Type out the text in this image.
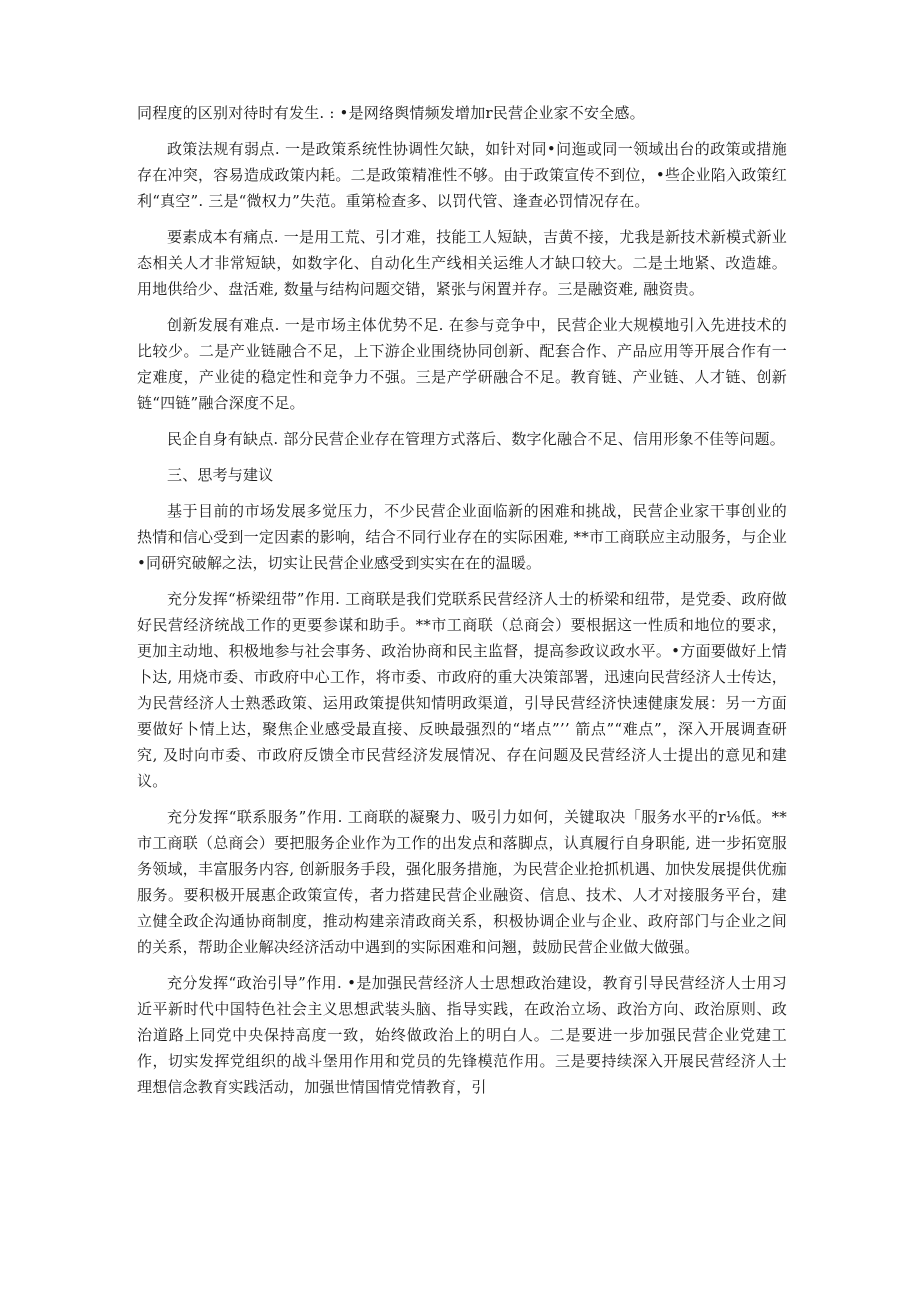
同程度的区别对待时有发生. : •是网络舆情频发增加r民营企业家不安全感。

政策法规有弱点. 一是政策系统性协调性欠缺，如针对同•问迤或同一领域出台的政策或措施存在冲突，容易造成政策内耗。二是政策精准性不够。由于政策宣传不到位，•些企业陷入政策红利“真空”. 三是“微权力”失范。重第检查多、以罚代管、逢查必罚情况存在。

要素成本有痛点. 一是用工荒、引才难，技能工人短缺，吉黄不接，尤我是新技术新模式新业态相关人才非常短缺，如数字化、自动化生产线相关运维人才缺口较大。二是土地紧、改造雄。用地供给少、盘活难, 数量与结构问题交错，紧张与闲置并存。三是融资难, 融资贵。

创新发展有难点. 一是市场主体优势不足. 在参与竞争中，民营企业大规模地引入先进技术的比较少。二是产业链融合不足，上下游企业围绕协同创新、配套合作、产品应用等开展合作有一定难度，产业徒的稳定性和竞争力不强。三是产学研融合不足。教育链、产业链、人才链、创新链“四链”融合深度不足。

民企自身有缺点. 部分民营企业存在管理方式落后、数字化融合不足、信用形象不佳等问题。

三、思考与建议

基于目前的市场发展多觉压力，不少民营企业面临新的困难和挑战，民营企业家干事创业的热情和信心受到一定因素的影响，结合不同行业存在的实际困难, **市工商联应主动服务，与企业•同研究破解之法，切实让民营企业感受到实实在在的温暖。

充分发挥“桥梁纽带”作用. 工商联是我们党联系民营经济人士的桥梁和纽带，是党委、政府做好民营经济统战工作的更要参谋和助手。**市工商联（总商会）要根据这一性质和地位的要求，更加主动地、积极地参与社会事务、政治协商和民主监督，提高参政议政水平。•方面要做好上情卜达, 用烧市委、市政府中心工作，将市委、市政府的重大决策部署，迅速向民营经济人士传达，为民营经济人士熟悉政策、运用政策提供知情明政渠道，引导民营经济快速健康发展：另一方面要做好卜情上达，聚焦企业感受最直接、反映最强烈的“堵点”’’ 箭点”“难点”，深入开展调查研究, 及时向市委、市政府反馈全市民营经济发展情况、存在问题及民营经济人士提出的意见和建议。

充分发挥“联系服务”作用. 工商联的凝聚力、吸引力如何，关键取决「服务水平的r⅛低。**市工商联（总商会）要把服务企业作为工作的出发点和落脚点，认真履行自身职能, 进一步拓宽服务领域，丰富服务内容, 创新服务手段，强化服务措施，为民营企业抢抓机遇、加快发展提供优痂服务。要积极开展惠企政策宣传，者力搭建民营企业融资、信息、技术、人才对接服务平台，建立健全政企沟通协商制度，推动构建亲清政商关系，积极协调企业与企业、政府部门与企业之间的关系，帮助企业解决经济活动中遇到的实际困难和问翘，鼓励民营企业做大做强。

充分发挥“政治引导”作用. •是加强民营经济人士思想政治建设，教育引导民营经济人士用习近平新时代中国特色社会主义思想武装头脑、指导实践，在政治立场、政治方向、政治原则、政治道路上同党中央保持高度一致，始终做政治上的明白人。二是要进一步加强民营企业党建工作，切实发挥党组织的战斗堡用作用和党员的先锋模范作用。三是要持续深入开展民营经济人士理想信念教育实践活动，加强世情国情党情教育，引
